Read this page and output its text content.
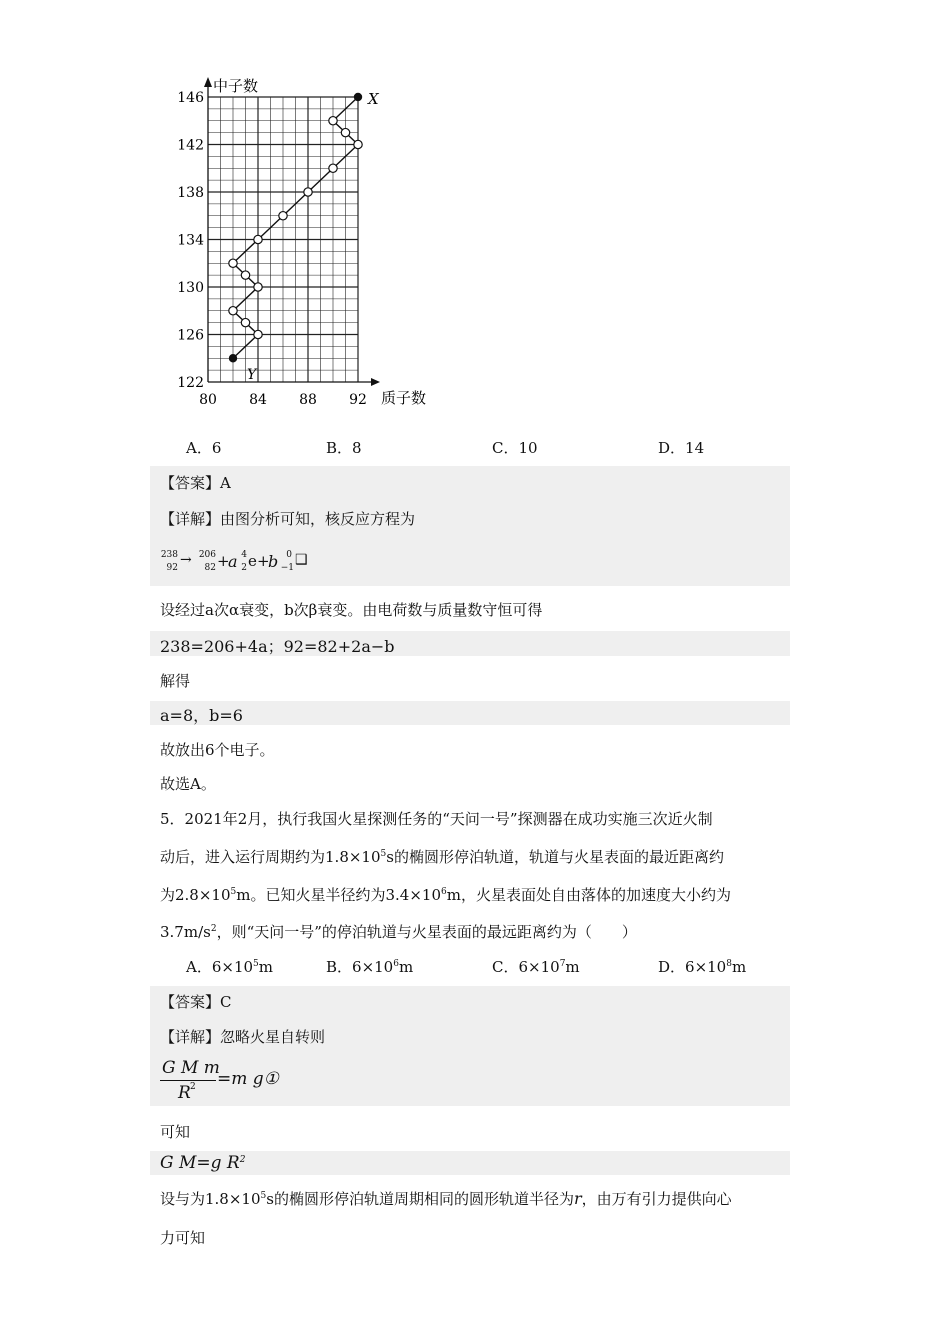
中子数
质子数
X
Y
80 84 88 92
122
126
130
134
138
142
146
A．6	B．8	C．10	D．14
【答案】A
【详解】由图分析可知，核反应方程为
238
92 → 206
82 +
a 4
2 e +
b 0
−1 ❑
设经过a次α衰变，b次β衰变。由电荷数与质量数守恒可得
238=206+4a；92=82+2a−b
解得
a=8，b=6
故放出6个电子。
故选A。
5．2021年2月，执行我国火星探测任务的“天问一号”探测器在成功实施三次近火制
动后，进入运行周期约为$1.8\times 10^5s$的椭圆形停泊轨道，轨道与火星表面的最近距离约
为$2.8\times 10^5m$。已知火星半径约为$3.4\times 10^6m$，火星表面处自由落体的加速度大小约为
$3.7m/s^2$，则“天问一号”的停泊轨道与火星表面的最远距离约为（　　）
A．$6\times 10^5m$	B．$6\times 10^6m$	C．$6\times 10^7m$	D．$6\times 10^8m$
【答案】C
【详解】忽略火星自转则
G M m
R 2 =m g①
可知
G M=g $R^2$
设与为$1.8\times 10^5s$的椭圆形停泊轨道周期相同的圆形轨道半径为r，由万有引力提供向心
力可知
